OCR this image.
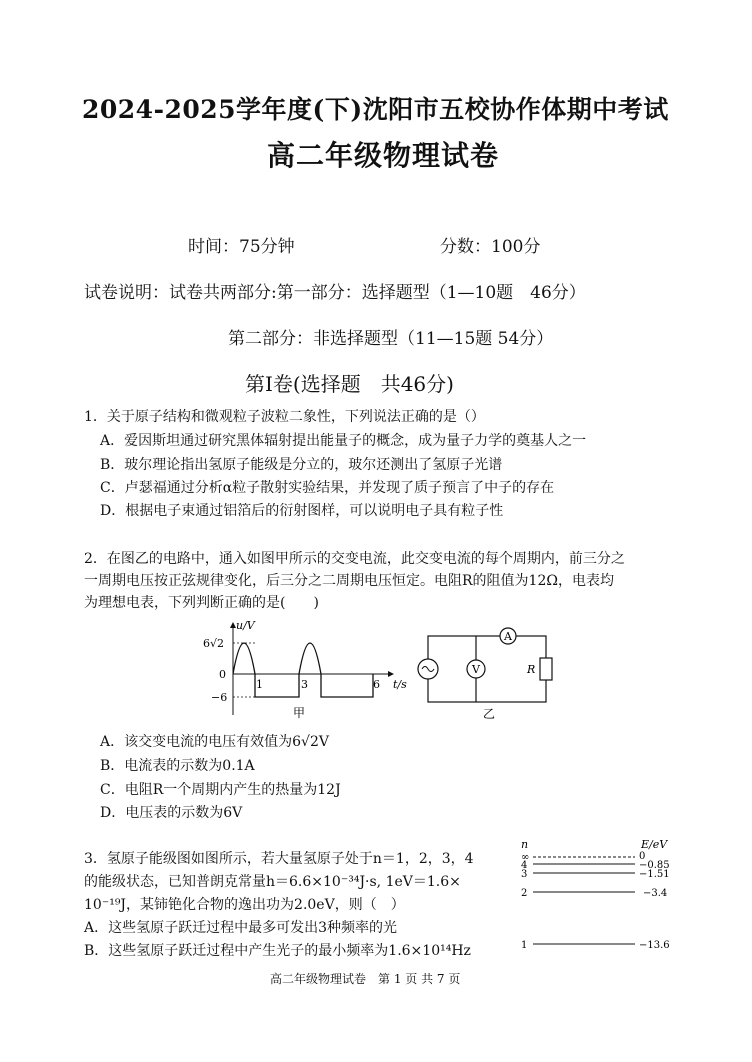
2024-2025学年度(下)沈阳市五校协作体期中考试
高二年级物理试卷
时间：75分钟	分数：100分
试卷说明：试卷共两部分:第一部分：选择题型（1—10题　46分）
第二部分：非选择题型（11—15题 54分）
第Ⅰ卷(选择题　共46分)
1．关于原子结构和微观粒子波粒二象性，下列说法正确的是（）
A．爱因斯坦通过研究黑体辐射提出能量子的概念，成为量子力学的奠基人之一
B．玻尔理论指出氢原子能级是分立的，玻尔还测出了氢原子光谱
C．卢瑟福通过分析α粒子散射实验结果，并发现了质子预言了中子的存在
D．根据电子束通过铝箔后的衍射图样，可以说明电子具有粒子性
2．在图乙的电路中，通入如图甲所示的交变电流，此交变电流的每个周期内，前三分之
一周期电压按正弦规律变化，后三分之二周期电压恒定。电阻R的阻值为12Ω，电表均
为理想电表，下列判断正确的是(　　)
u/V
t/s
6√2
0
−6
1	3	6
甲
V
A
R
乙
A．该交变电流的电压有效值为6√2V
B．电流表的示数为0.1A
C．电阻R一个周期内产生的热量为12J
D．电压表的示数为6V
3．氢原子能级图如图所示，若大量氢原子处于n＝1，2，3，4
的能级状态，已知普朗克常量h＝6.6×10⁻³⁴J·s, 1eV＝1.6×
10⁻¹⁹J，某铈铯化合物的逸出功为2.0eV，则（　）
A．这些氢原子跃迁过程中最多可发出3种频率的光
B．这些氢原子跃迁过程中产生光子的最小频率为1.6×10¹⁴Hz
n	E/eV
∞	0
4	−0.85
3	−1.51
2	−3.4
1	−13.6
高二年级物理试卷　第 1 页 共 7 页
